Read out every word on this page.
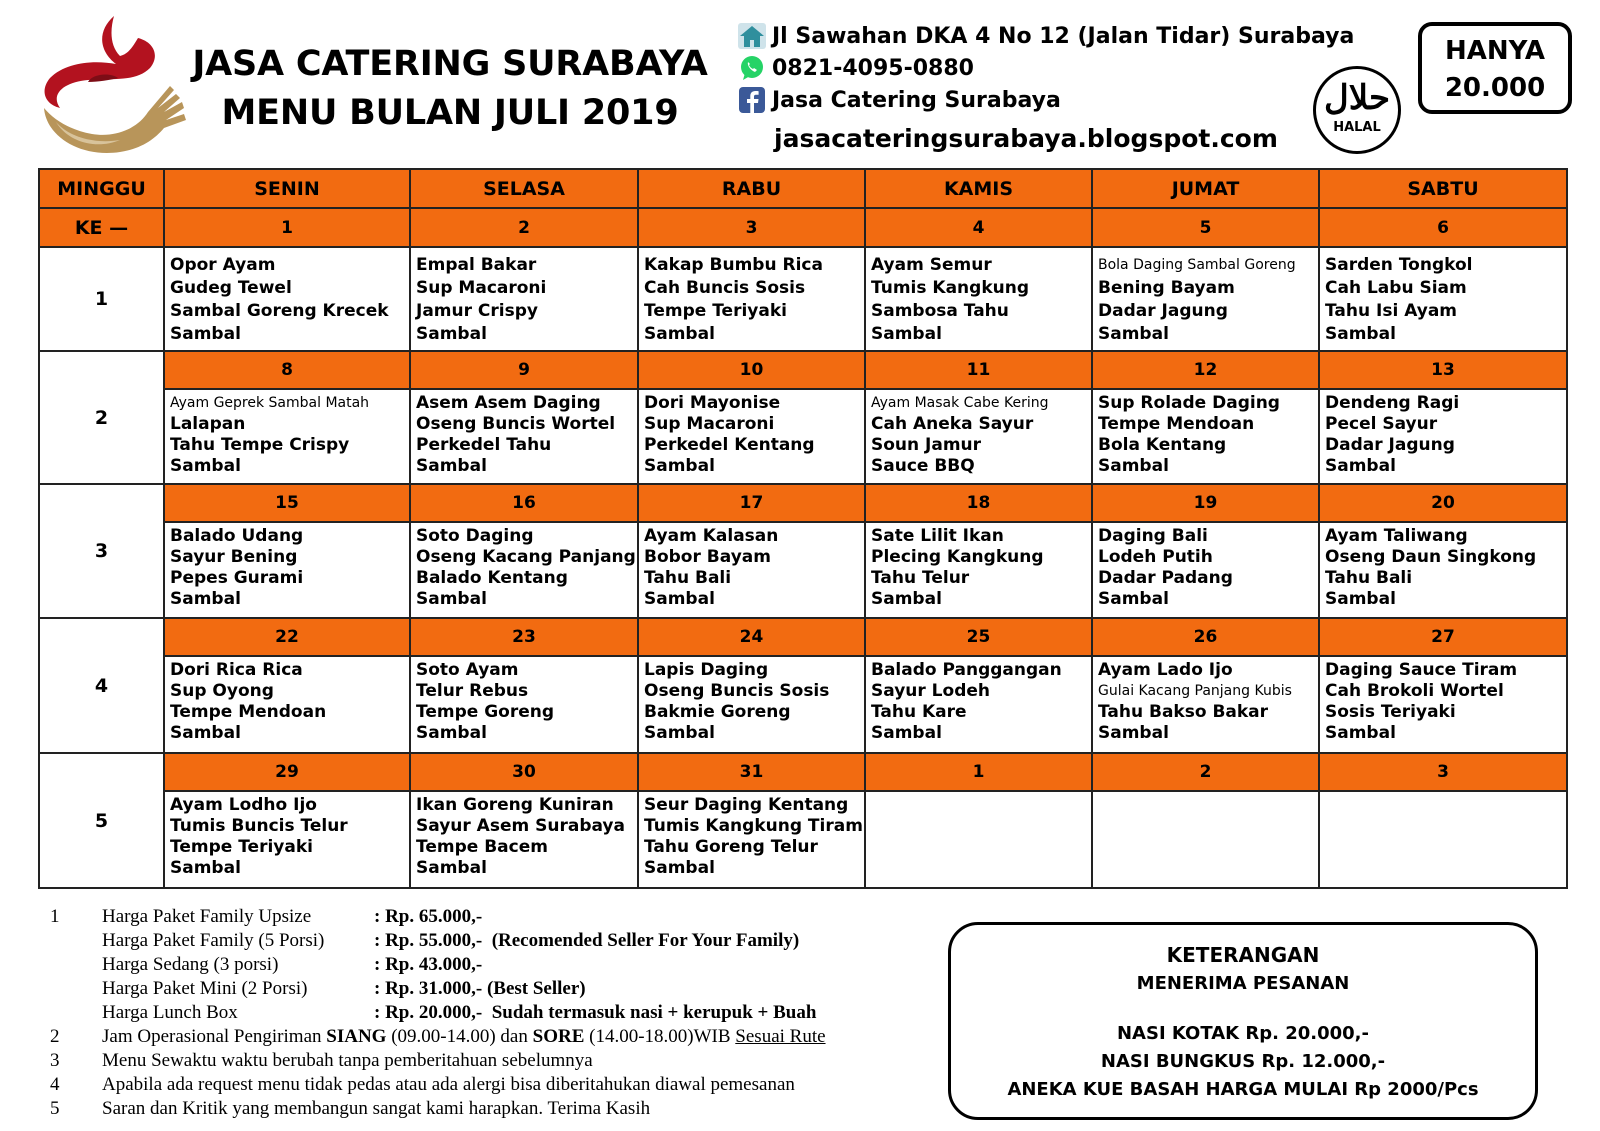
JASA CATERING SURABAYA
MENU BULAN JULI 2019
Jl Sawahan DKA 4 No 12 (Jalan Tidar) Surabaya
0821-4095-0880
Jasa Catering Surabaya
jasacateringsurabaya.blogspot.com
حلال
HALAL
HANYA
20.000
MINGGU	SENIN	SELASA	RABU	KAMIS	JUMAT	SABTU
KE —	1	2	3	4	5	6
1	Opor Ayam
Gudeg Tewel
Sambal Goreng Krecek
Sambal	Empal Bakar
Sup Macaroni
Jamur Crispy
Sambal	Kakap Bumbu Rica
Cah Buncis Sosis
Tempe Teriyaki
Sambal	Ayam Semur
Tumis Kangkung
Sambosa Tahu
Sambal	Bola Daging Sambal Goreng
Bening Bayam
Dadar Jagung
Sambal	Sarden Tongkol
Cah Labu Siam
Tahu Isi Ayam
Sambal

2	8	9	10	11	12	13

	Ayam Geprek Sambal Matah
Lalapan
Tahu Tempe Crispy
Sambal	Asem Asem Daging
Oseng Buncis Wortel
Perkedel Tahu
Sambal	Dori Mayonise
Sup Macaroni
Perkedel Kentang
Sambal	Ayam Masak Cabe Kering
Cah Aneka Sayur
Soun Jamur
Sauce BBQ	Sup Rolade Daging
Tempe Mendoan
Bola Kentang
Sambal	Dendeng Ragi
Pecel Sayur
Dadar Jagung
Sambal

3	15	16	17	18	19	20

	Balado Udang
Sayur Bening
Pepes Gurami
Sambal	Soto Daging
Oseng Kacang Panjang
Balado Kentang
Sambal	Ayam Kalasan
Bobor Bayam
Tahu Bali
Sambal	Sate Lilit Ikan
Plecing Kangkung
Tahu Telur
Sambal	Daging Bali
Lodeh Putih
Dadar Padang
Sambal	Ayam Taliwang
Oseng Daun Singkong
Tahu Bali
Sambal

4	22	23	24	25	26	27

	Dori Rica Rica
Sup Oyong
Tempe Mendoan
Sambal	Soto Ayam
Telur Rebus
Tempe Goreng
Sambal	Lapis Daging
Oseng Buncis Sosis
Bakmie Goreng
Sambal	Balado Panggangan
Sayur Lodeh
Tahu Kare
Sambal	Ayam Lado Ijo
Gulai Kacang Panjang Kubis
Tahu Bakso Bakar
Sambal	Daging Sauce Tiram
Cah Brokoli Wortel
Sosis Teriyaki
Sambal

5	29	30	31	1	2	3

	Ayam Lodho Ijo
Tumis Buncis Telur
Tempe Teriyaki
Sambal	Ikan Goreng Kuniran
Sayur Asem Surabaya
Tempe Bacem
Sambal	Seur Daging Kentang
Tumis Kangkung Tiram
Tahu Goreng Telur
Sambal			

1	Harga Paket Family Upsize	: Rp. 65.000,-
Harga Paket Family (5 Porsi)	: Rp. 55.000,- (Recomended Seller For Your Family)
Harga Sedang (3 porsi)	: Rp. 43.000,-
Harga Paket Mini (2 Porsi)	: Rp. 31.000,- (Best Seller)
Harga Lunch Box	: Rp. 20.000,- Sudah termasuk nasi + kerupuk + Buah
2	Jam Operasional Pengiriman SIANG (09.00-14.00) dan SORE (14.00-18.00)WIB Sesuai Rute
3	Menu Sewaktu waktu berubah tanpa pemberitahuan sebelumnya
4	Apabila ada request menu tidak pedas atau ada alergi bisa diberitahukan diawal pemesanan
5	Saran dan Kritik yang membangun sangat kami harapkan. Terima Kasih
KETERANGAN
MENERIMA PESANAN
NASI KOTAK Rp. 20.000,-
NASI BUNGKUS Rp. 12.000,-
ANEKA KUE BASAH HARGA MULAI Rp 2000/Pcs
